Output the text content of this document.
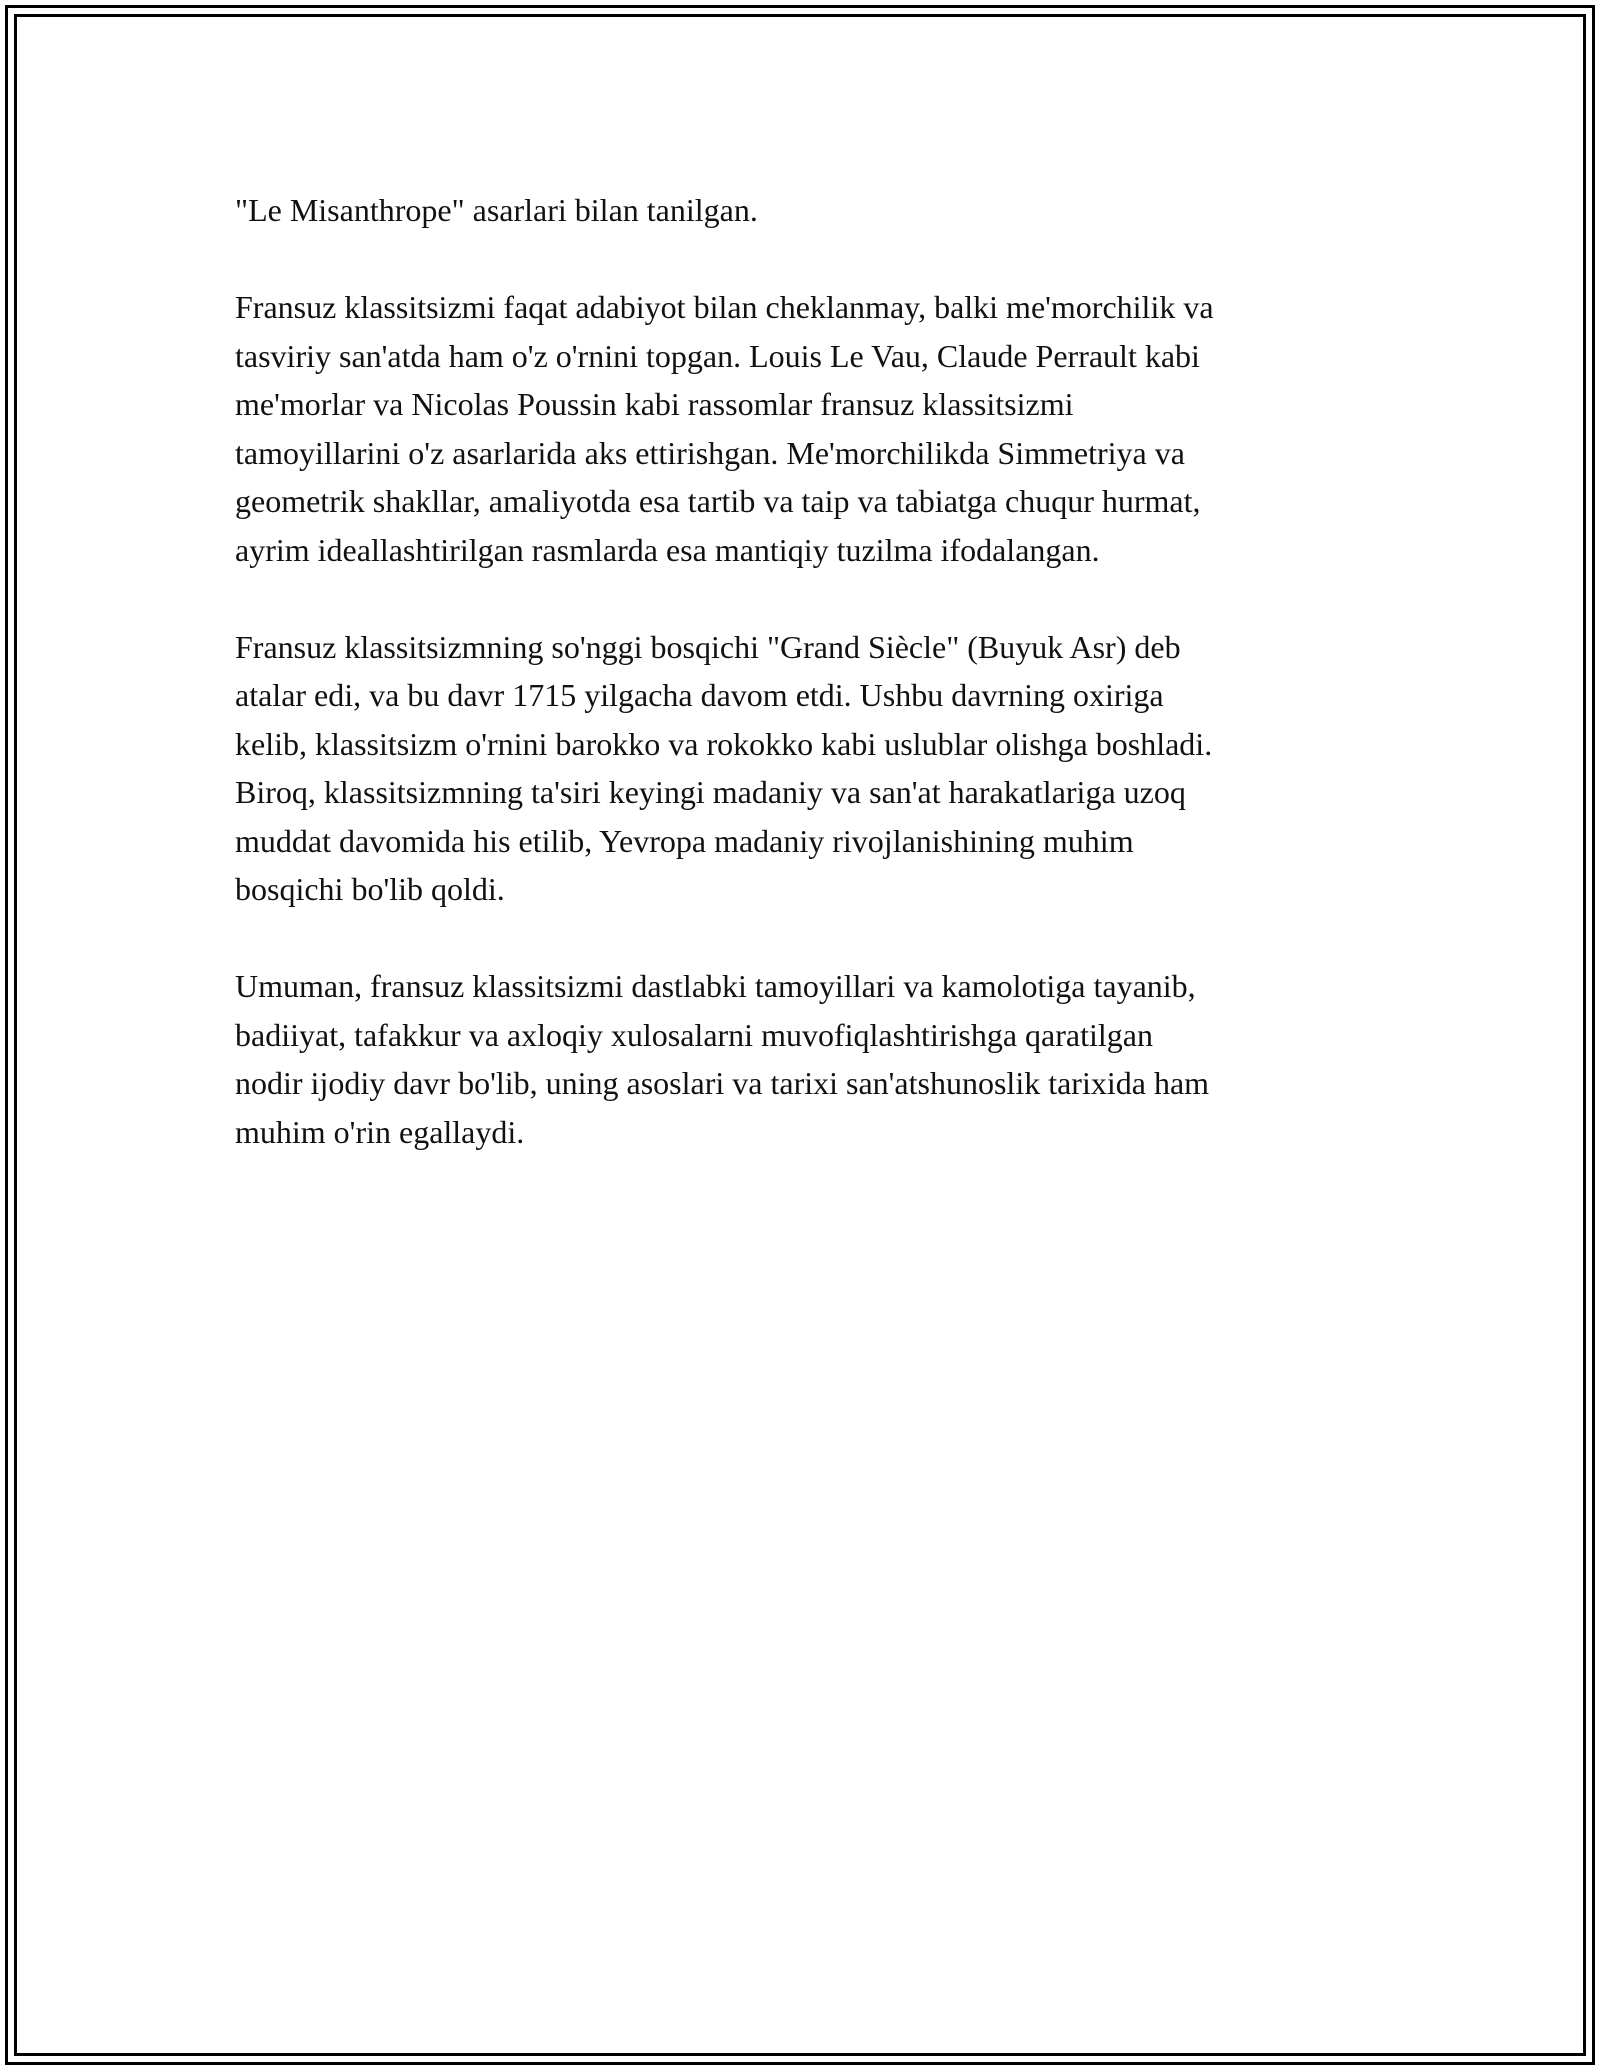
"Le Misanthrope" asarlari bilan tanilgan.

Fransuz klassitsizmi faqat adabiyot bilan cheklanmay, balki me'morchilik va
tasviriy san'atda ham o'z o'rnini topgan. Louis Le Vau, Claude Perrault kabi
me'morlar va Nicolas Poussin kabi rassomlar fransuz klassitsizmi
tamoyillarini o'z asarlarida aks ettirishgan. Me'morchilikda Simmetriya va
geometrik shakllar, amaliyotda esa tartib va taip va tabiatga chuqur hurmat,
ayrim ideallashtirilgan rasmlarda esa mantiqiy tuzilma ifodalangan.

Fransuz klassitsizmning so'nggi bosqichi "Grand Siècle" (Buyuk Asr) deb
atalar edi, va bu davr 1715 yilgacha davom etdi. Ushbu davrning oxiriga
kelib, klassitsizm o'rnini barokko va rokokko kabi uslublar olishga boshladi.
Biroq, klassitsizmning ta'siri keyingi madaniy va san'at harakatlariga uzoq
muddat davomida his etilib, Yevropa madaniy rivojlanishining muhim
bosqichi bo'lib qoldi.

Umuman, fransuz klassitsizmi dastlabki tamoyillari va kamolotiga tayanib,
badiiyat, tafakkur va axloqiy xulosalarni muvofiqlashtirishga qaratilgan
nodir ijodiy davr bo'lib, uning asoslari va tarixi san'atshunoslik tarixida ham
muhim o'rin egallaydi.
